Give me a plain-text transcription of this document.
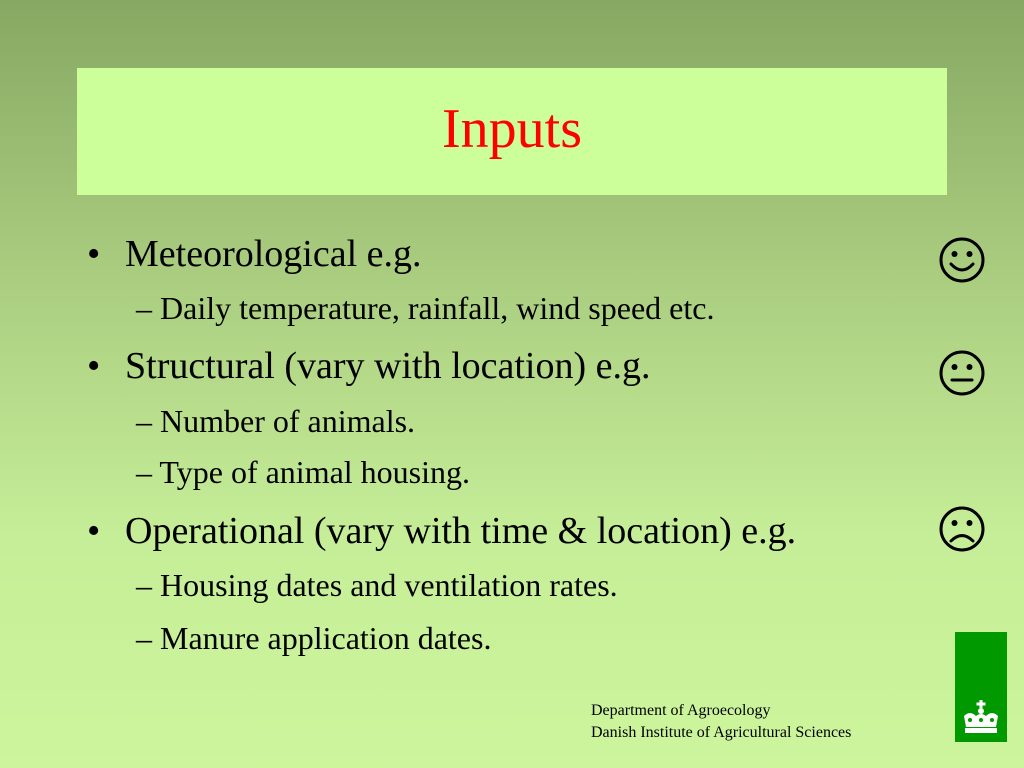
Inputs
• Meteorological e.g.
– Daily temperature, rainfall, wind speed etc.
• Structural (vary with location) e.g.
– Number of animals.
– Type of animal housing.
• Operational (vary with time & location) e.g.
– Housing dates and ventilation rates.
– Manure application dates.
Department of Agroecology
Danish Institute of Agricultural Sciences
